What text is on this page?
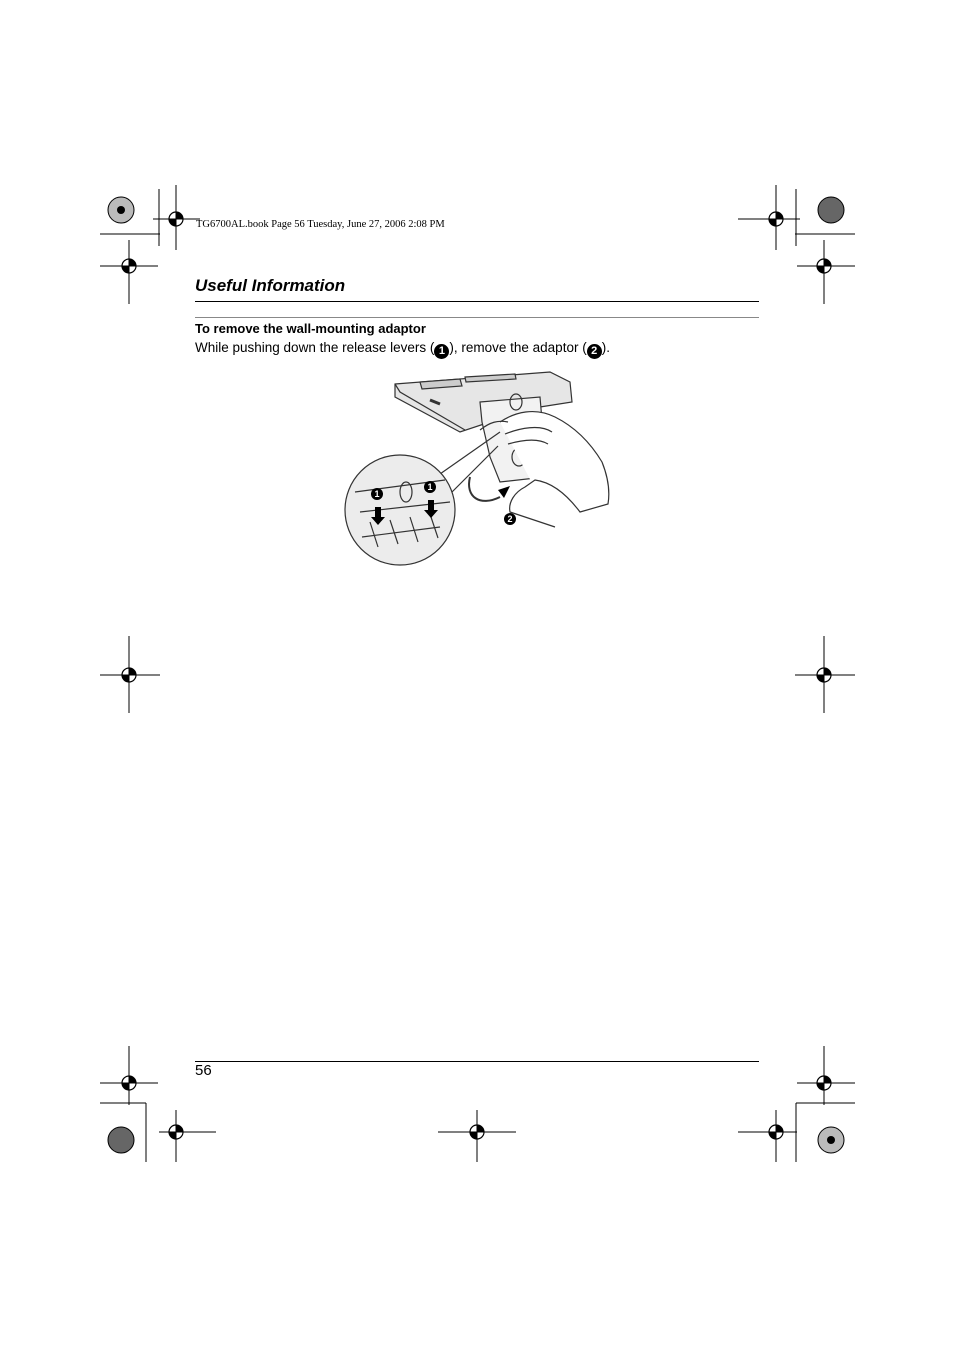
TG6700AL.book Page 56 Tuesday, June 27, 2006 2:08 PM
Useful Information
To remove the wall-mounting adaptor
While pushing down the release levers ( 1 ), remove the adaptor ( 2 ).
1
1
2
56
